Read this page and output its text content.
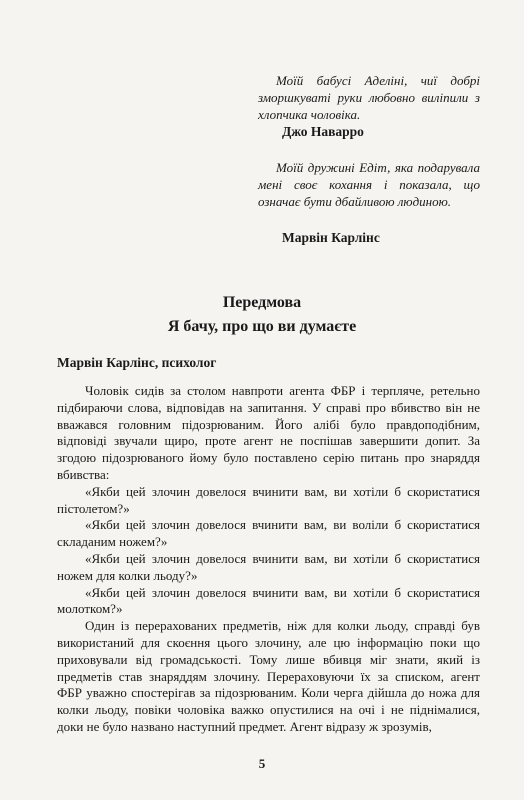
Моїй бабусі Аделіні, чиї добрі зморшкуваті руки любовно виліпили з хлопчика чоловіка.

Джо Наварро

Моїй дружині Едіт, яка подарувала мені своє кохання і показала, що означає бути дбайливою людиною.

Марвін Карлінс
Передмова
Я бачу, про що ви думаєте
Марвін Карлінс, психолог

Чоловік сидів за столом навпроти агента ФБР і терпляче, ретельно підбираючи слова, відповідав на запитання. У справі про вбивство він не вважався головним підозрюваним. Його алібі було правдоподібним, відповіді звучали щиро, проте агент не поспішав завершити допит. За згодою підозрюваного йому було поставлено серію питань про знаряддя вбивства:

«Якби цей злочин довелося вчинити вам, ви хотіли б скористатися пістолетом?»

«Якби цей злочин довелося вчинити вам, ви воліли б скористатися складаним ножем?»

«Якби цей злочин довелося вчинити вам, ви хотіли б скористатися ножем для колки льоду?»

«Якби цей злочин довелося вчинити вам, ви хотіли б скористатися молотком?»

Один із перерахованих предметів, ніж для колки льоду, справді був використаний для скоєння цього злочину, але цю інформацію поки що приховували від громадськості. Тому лише вбивця міг знати, який із предметів став знаряддям злочину. Перераховуючи їх за списком, агент ФБР уважно спостерігав за підозрюваним. Коли черга дійшла до ножа для колки льоду, повіки чоловіка важко опустилися на очі і не піднімалися, доки не було названо наступний предмет. Агент відразу ж зрозумів,

5
